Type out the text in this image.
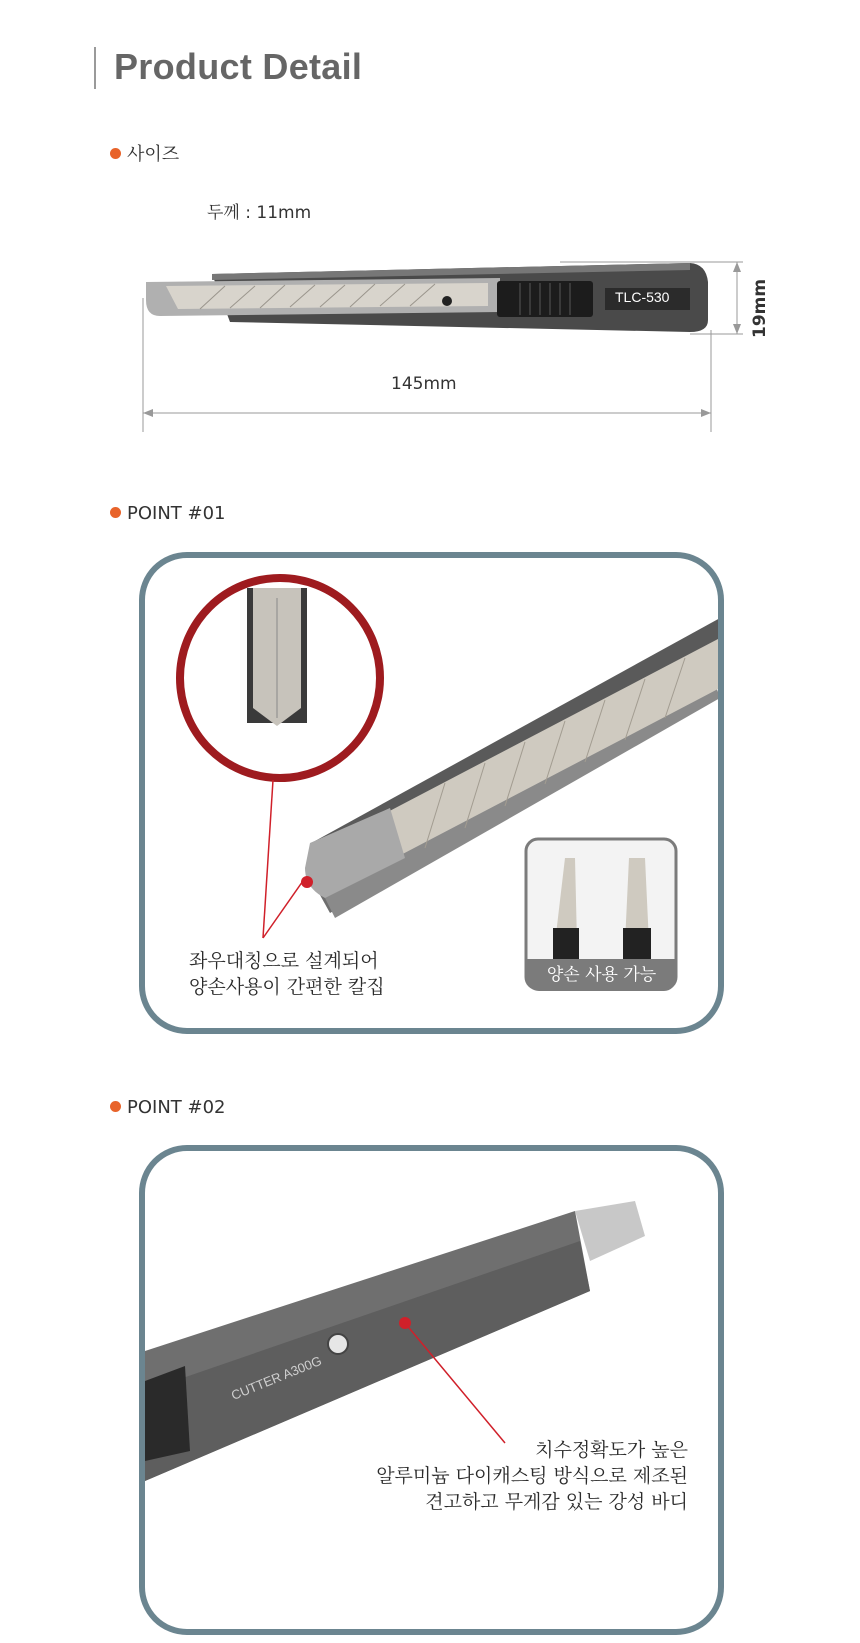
Product Detail
사이즈
두께 : 11mm
TLC-530	19mm
145mm
POINT #01
좌우대칭으로 설계되어
양손사용이 간편한 칼집
양손 사용 가능
POINT #02
CUTTER A300G
치수정확도가 높은
알루미늄 다이캐스팅 방식으로 제조된
견고하고 무게감 있는 강성 바디
